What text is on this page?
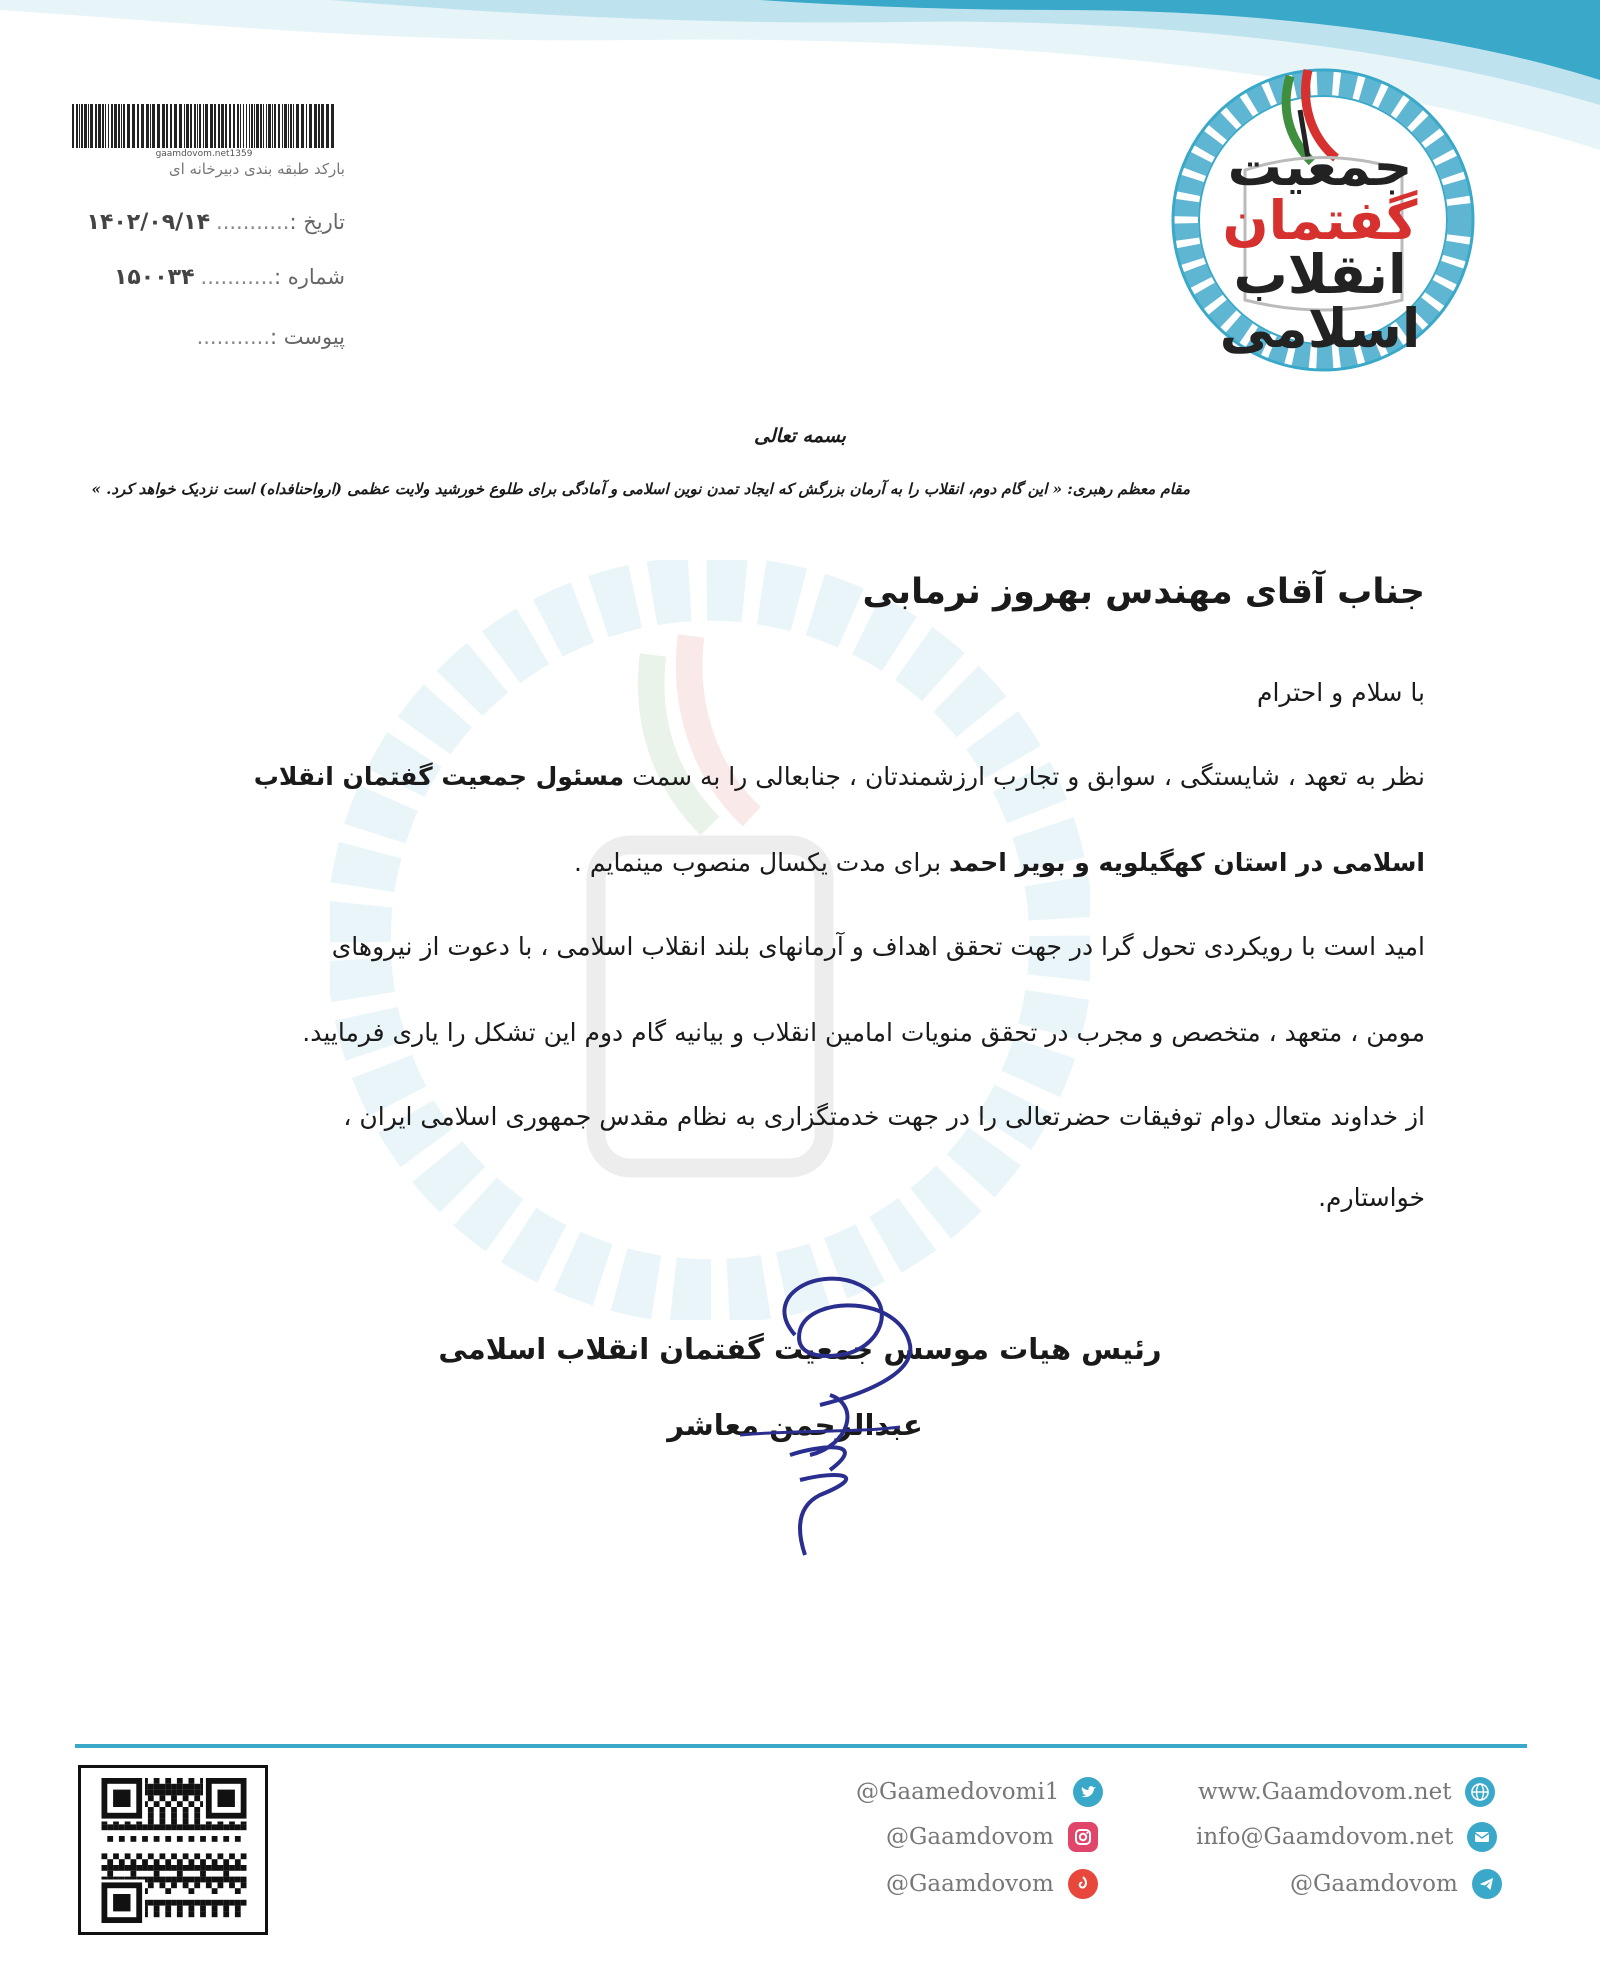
جمعیت
گفتمان
انقلاب
اسلامی
gaamdovom.net1359
بارکد طبقه بندی دبیرخانه ای
تاریخ :...........۱۴۰۲/۰۹/۱۴
شماره :...........۱۵۰۰۳۴
پیوست :...........
بسمه تعالی
مقام معظم رهبری: « این گام دوم، انقلاب را به آرمان بزرگش که ایجاد تمدن نوین اسلامی و آمادگی برای طلوع خورشید ولایت عظمی (ارواحنافداه) است نزدیک خواهد کرد. »
جناب آقای مهندس بهروز نرمابی
با سلام و احترام
نظر به تعهد ، شایستگی ، سوابق و تجارب ارزشمندتان ، جنابعالی را به سمت مسئول جمعیت گفتمان انقلاب
اسلامی در استان کهگیلویه و بویر احمد برای مدت یکسال منصوب مینمایم .
امید است با رویکردی تحول گرا در جهت تحقق اهداف و آرمانهای بلند انقلاب اسلامی ، با دعوت از نیروهای
مومن ، متعهد ، متخصص و مجرب در تحقق منویات امامین انقلاب و بیانیه گام دوم این تشکل را یاری فرمایید.
از خداوند متعال دوام توفیقات حضرتعالی را در جهت خدمتگزاری به نظام مقدس جمهوری اسلامی ایران ،
خواستارم.
رئیس هیات موسس جمعیت گفتمان انقلاب اسلامی
عبدالرحمن معاشر
@Gaamedovomi1
@Gaamdovom
@Gaamdovom
www.Gaamdovom.net
info@Gaamdovom.net
@Gaamdovom
